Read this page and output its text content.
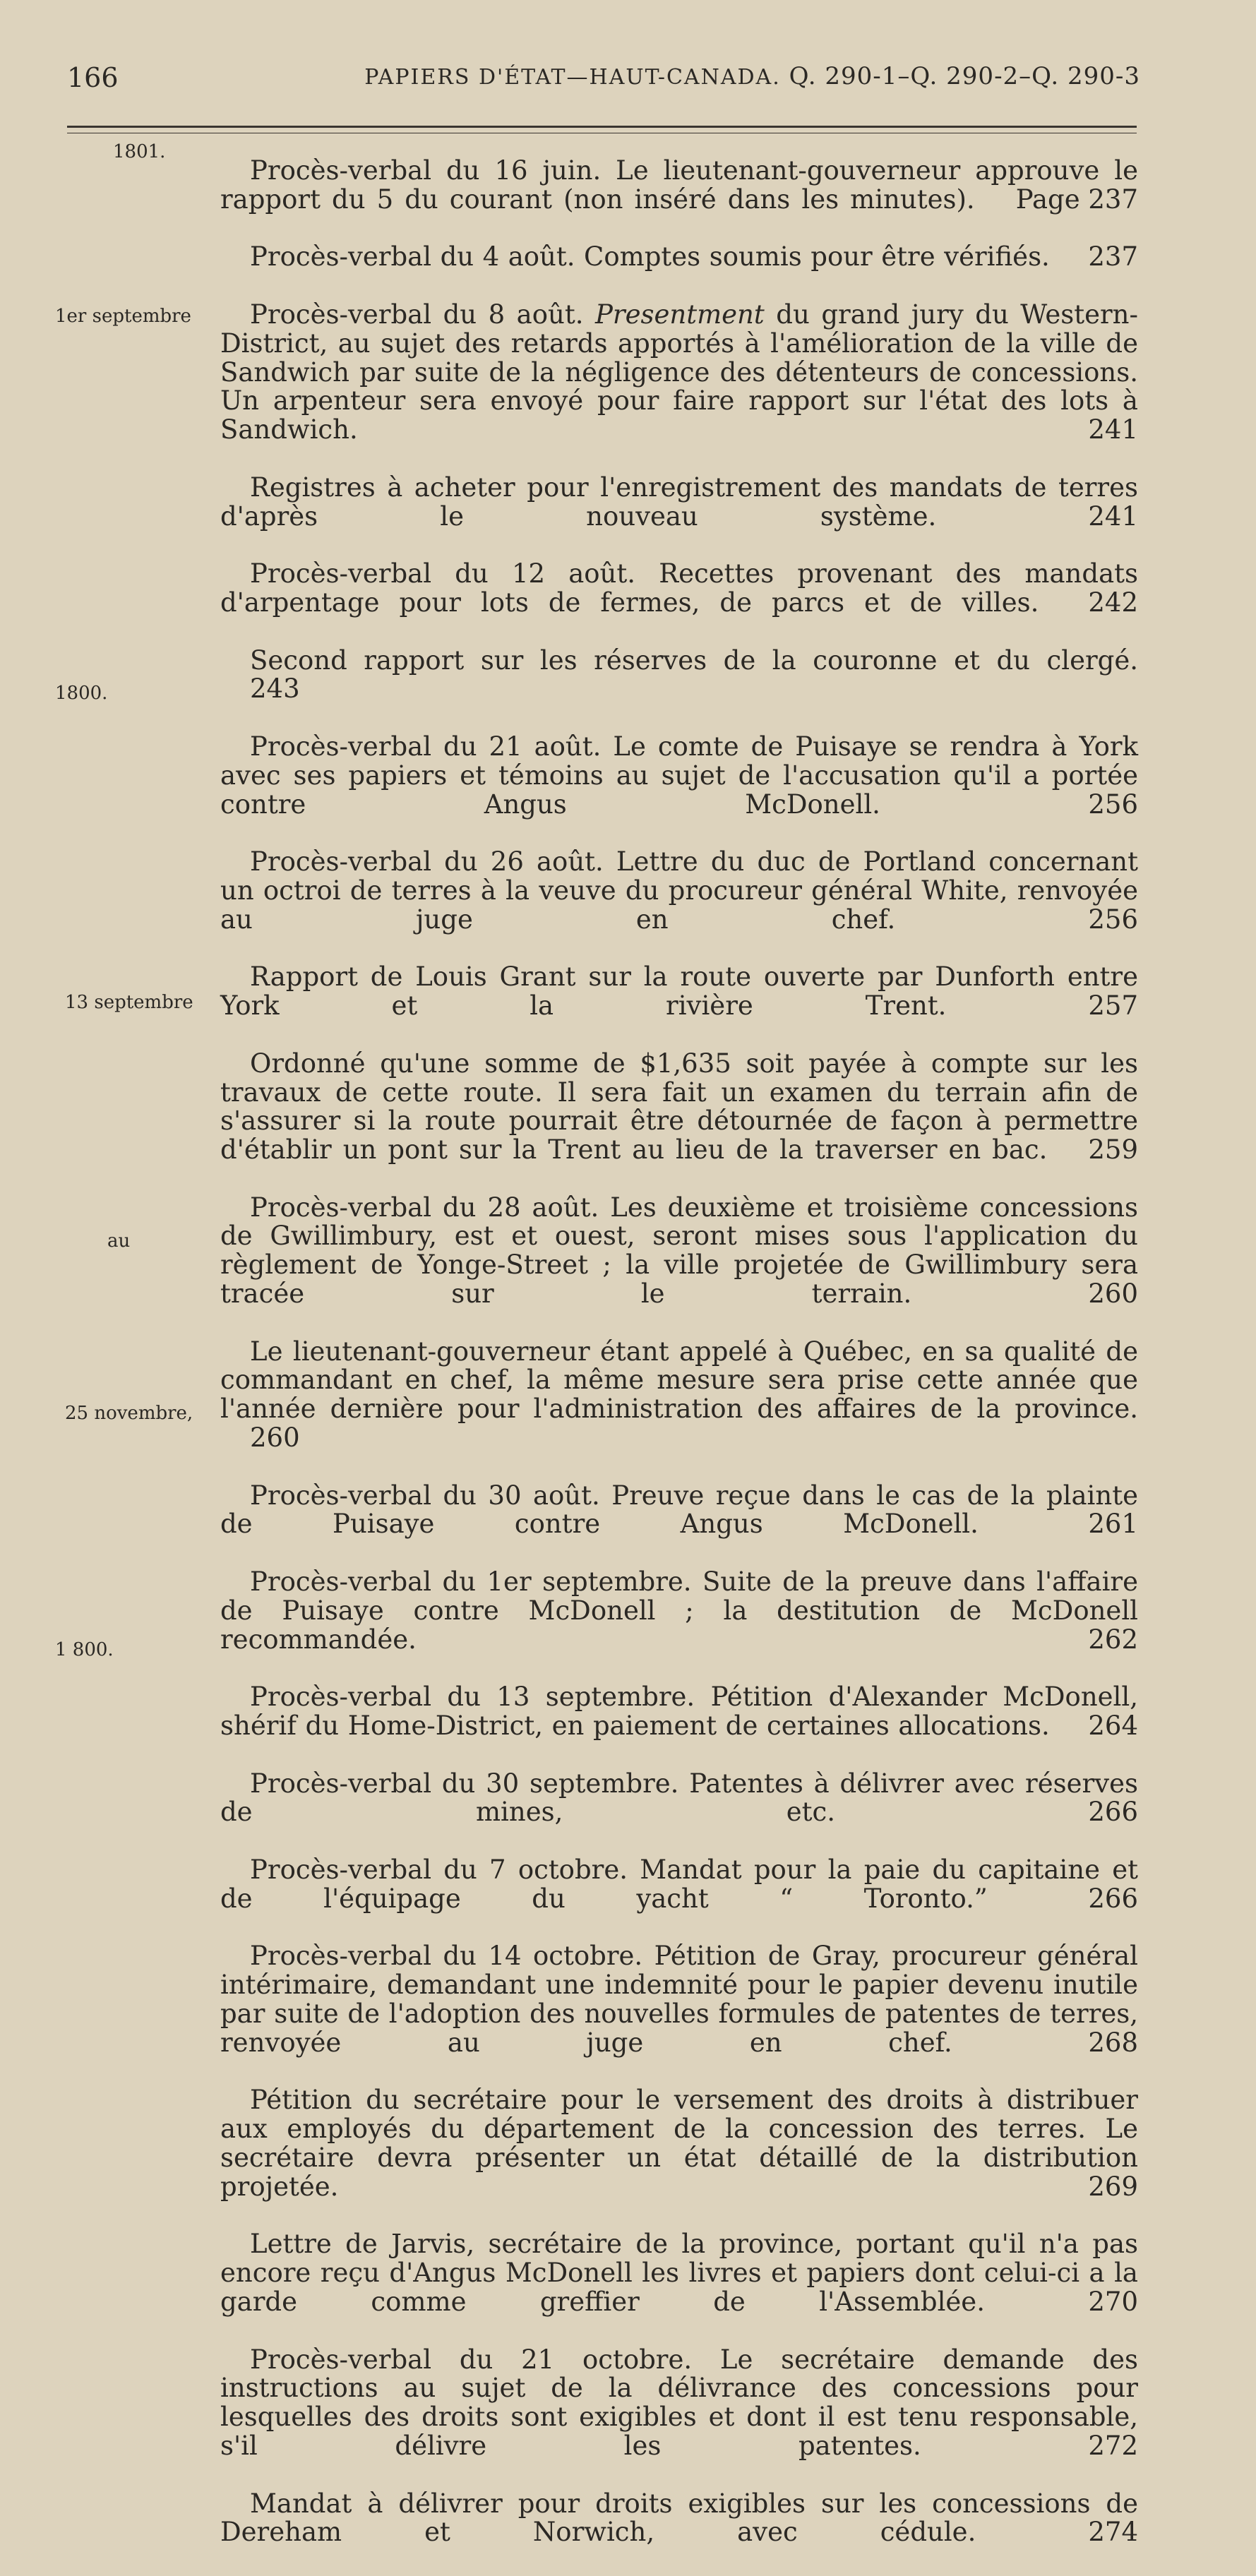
166	PAPIERS D'ÉTAT—HAUT-CANADA. Q. 290-1–Q. 290-2–Q. 290-3
1801.
1er septembre
1800.
13 septembre
au
25 novembre,
1 800.

Procès-verbal du 16 juin. Le lieutenant-gouverneur approuve le rapport du 5 du courant (non inséré dans les minutes). Page 237

Procès-verbal du 4 août. Comptes soumis pour être vérifiés. 237

Procès-verbal du 8 août. Presentment du grand jury du Western-District, au sujet des retards apportés à l'amélioration de la ville de Sandwich par suite de la négligence des détenteurs de concessions. Un arpenteur sera envoyé pour faire rapport sur l'état des lots à Sandwich.	241

Registres à acheter pour l'enregistrement des mandats de terres d'après le nouveau système.	241

Procès-verbal du 12 août. Recettes provenant des mandats d'arpentage pour lots de fermes, de parcs et de villes. 242

Second rapport sur les réserves de la couronne et du clergé. 243

Procès-verbal du 21 août. Le comte de Puisaye se rendra à York avec ses papiers et témoins au sujet de l'accusation qu'il a portée contre Angus McDonell.	256

Procès-verbal du 26 août. Lettre du duc de Portland concernant un octroi de terres à la veuve du procureur général White, renvoyée au juge en chef.	256

Rapport de Louis Grant sur la route ouverte par Dunforth entre York et la rivière Trent.	257

Ordonné qu'une somme de $1,635 soit payée à compte sur les travaux de cette route. Il sera fait un examen du terrain afin de s'assurer si la route pourrait être détournée de façon à permettre d'établir un pont sur la Trent au lieu de la traverser en bac. 259

Procès-verbal du 28 août. Les deuxième et troisième concessions de Gwillimbury, est et ouest, seront mises sous l'application du règlement de Yonge-Street ; la ville projetée de Gwillimbury sera tracée sur le terrain.	260

Le lieutenant-gouverneur étant appelé à Québec, en sa qualité de commandant en chef, la même mesure sera prise cette année que l'année dernière pour l'administration des affaires de la province. 260

Procès-verbal du 30 août. Preuve reçue dans le cas de la plainte de Puisaye contre Angus McDonell.	261

Procès-verbal du 1er septembre. Suite de la preuve dans l'affaire de Puisaye contre McDonell ; la destitution de McDonell recommandée.	262

Procès-verbal du 13 septembre. Pétition d'Alexander McDonell, shérif du Home-District, en paiement de certaines allocations. 264

Procès-verbal du 30 septembre. Patentes à délivrer avec réserves de mines, etc.	266

Procès-verbal du 7 octobre. Mandat pour la paie du capitaine et de l'équipage du yacht “ Toronto.”	266

Procès-verbal du 14 octobre. Pétition de Gray, procureur général intérimaire, demandant une indemnité pour le papier devenu inutile par suite de l'adoption des nouvelles formules de patentes de terres, renvoyée au juge en chef.	268

Pétition du secrétaire pour le versement des droits à distribuer aux employés du département de la concession des terres. Le secrétaire devra présenter un état détaillé de la distribution projetée.	269

Lettre de Jarvis, secrétaire de la province, portant qu'il n'a pas encore reçu d'Angus McDonell les livres et papiers dont celui-ci a la garde comme greffier de l'Assemblée.	270

Procès-verbal du 21 octobre. Le secrétaire demande des instructions au sujet de la délivrance des concessions pour lesquelles des droits sont exigibles et dont il est tenu responsable, s'il délivre les patentes.	272

Mandat à délivrer pour droits exigibles sur les concessions de Dereham et Norwich, avec cédule.	274
